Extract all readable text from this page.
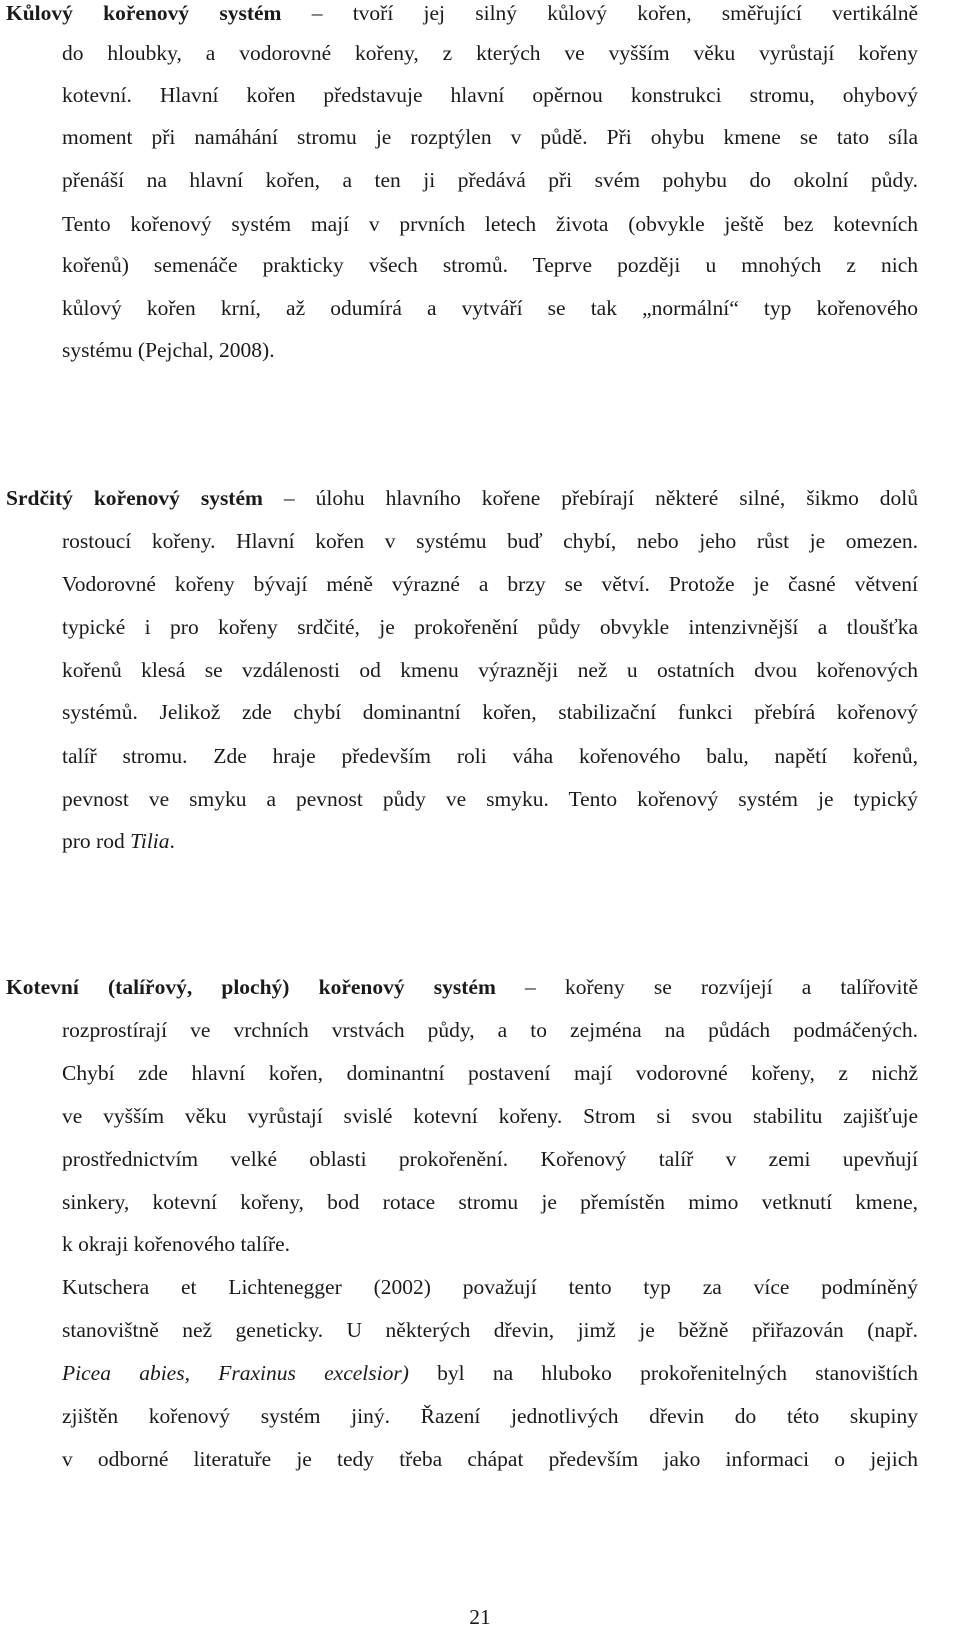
Kůlový kořenový systém – tvoří jej silný kůlový kořen, směřující vertikálně
do hloubky, a vodorovné kořeny, z kterých ve vyšším věku vyrůstají kořeny
kotevní. Hlavní kořen představuje hlavní opěrnou konstrukci stromu, ohybový
moment při namáhání stromu je rozptýlen v půdě. Při ohybu kmene se tato síla
přenáší na hlavní kořen, a ten ji předává při svém pohybu do okolní půdy.
Tento kořenový systém mají v prvních letech života (obvykle ještě bez kotevních
kořenů) semenáče prakticky všech stromů. Teprve později u mnohých z nich
kůlový kořen krní, až odumírá a vytváří se tak „normální“ typ kořenového
systému (Pejchal, 2008).
Srdčitý kořenový systém – úlohu hlavního kořene přebírají některé silné, šikmo dolů
rostoucí kořeny. Hlavní kořen v systému buď chybí, nebo jeho růst je omezen.
Vodorovné kořeny bývají méně výrazné a brzy se větví. Protože je časné větvení
typické i pro kořeny srdčité, je prokořenění půdy obvykle intenzivnější a tloušťka
kořenů klesá se vzdálenosti od kmenu výrazněji než u ostatních dvou kořenových
systémů. Jelikož zde chybí dominantní kořen, stabilizační funkci přebírá kořenový
talíř stromu. Zde hraje především roli váha kořenového balu, napětí kořenů,
pevnost ve smyku a pevnost půdy ve smyku. Tento kořenový systém je typický
pro rod Tilia.
Kotevní (talířový, plochý) kořenový systém – kořeny se rozvíjejí a talířovitě
rozprostírají ve vrchních vrstvách půdy, a to zejména na půdách podmáčených.
Chybí zde hlavní kořen, dominantní postavení mají vodorovné kořeny, z nichž
ve vyšším věku vyrůstají svislé kotevní kořeny. Strom si svou stabilitu zajišťuje
prostřednictvím velké oblasti prokořenění. Kořenový talíř v zemi upevňují
sinkery, kotevní kořeny, bod rotace stromu je přemístěn mimo vetknutí kmene,
k okraji kořenového talíře.
Kutschera et Lichtenegger (2002) považují tento typ za více podmíněný
stanovištně než geneticky. U některých dřevin, jimž je běžně přiřazován (např.
Picea abies, Fraxinus excelsior) byl na hluboko prokořenitelných stanovištích
zjištěn kořenový systém jiný. Řazení jednotlivých dřevin do této skupiny
v odborné literatuře je tedy třeba chápat především jako informaci o jejich
21
